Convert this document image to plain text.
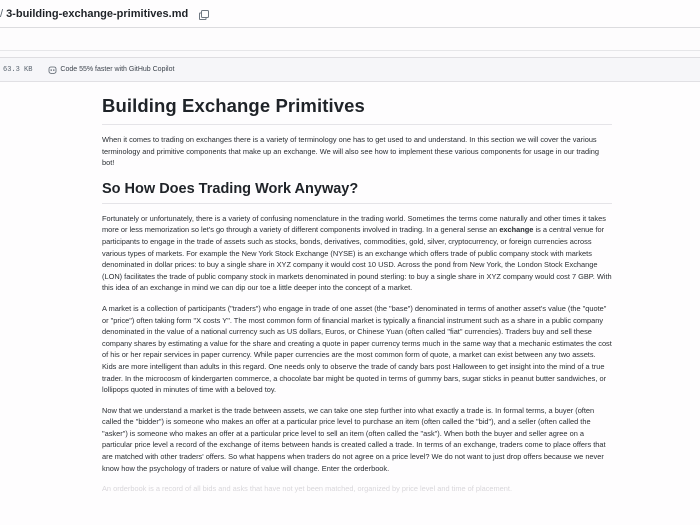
/ 3-building-exchange-primitives.md
63.3 KB	Code 55% faster with GitHub Copilot
Building Exchange Primitives

When it comes to trading on exchanges there is a variety of terminology one has to get used to and understand. In this section we will cover the various terminology and primitive components that make up an exchange. We will also see how to implement these various components for usage in our trading bot!

So How Does Trading Work Anyway?

Fortunately or unfortunately, there is a variety of confusing nomenclature in the trading world. Sometimes the terms come naturally and other times it takes more or less memorization so let's go through a variety of different components involved in trading. In a general sense an exchange is a central venue for participants to engage in the trade of assets such as stocks, bonds, derivatives, commodities, gold, silver, cryptocurrency, or foreign currencies across various types of markets. For example the New York Stock Exchange (NYSE) is an exchange which offers trade of public company stock with markets denominated in dollar prices: to buy a single share in XYZ company it would cost 10 USD. Across the pond from New York, the London Stock Exchange (LON) facilitates the trade of public company stock in markets denominated in pound sterling: to buy a single share in XYZ company would cost 7 GBP. With this idea of an exchange in mind we can dip our toe a little deeper into the concept of a market.

A market is a collection of participants ("traders") who engage in trade of one asset (the "base") denominated in terms of another asset's value (the "quote" or "price") often taking form "X costs Y". The most common form of financial market is typically a financial instrument such as a share in a public company denominated in the value of a national currency such as US dollars, Euros, or Chinese Yuan (often called "fiat" currencies). Traders buy and sell these company shares by estimating a value for the share and creating a quote in paper currency terms much in the same way that a mechanic estimates the cost of his or her repair services in paper currency. While paper currencies are the most common form of quote, a market can exist between any two assets. Kids are more intelligent than adults in this regard. One needs only to observe the trade of candy bars post Halloween to get insight into the mind of a true trader. In the microcosm of kindergarten commerce, a chocolate bar might be quoted in terms of gummy bars, sugar sticks in peanut butter sandwiches, or lollipops quoted in minutes of time with a beloved toy.

Now that we understand a market is the trade between assets, we can take one step further into what exactly a trade is. In formal terms, a buyer (often called the "bidder") is someone who makes an offer at a particular price level to purchase an item (often called the "bid"), and a seller (often called the "asker") is someone who makes an offer at a particular price level to sell an item (often called the "ask"). When both the buyer and seller agree on a particular price level a record of the exchange of items between hands is created called a trade. In terms of an exchange, traders come to place offers that are matched with other traders' offers. So what happens when traders do not agree on a price level? We do not want to just drop offers because we never know how the psychology of traders or nature of value will change. Enter the orderbook.

An orderbook is a record of all bids and asks that have not yet been matched, organized by price level and time of placement.
